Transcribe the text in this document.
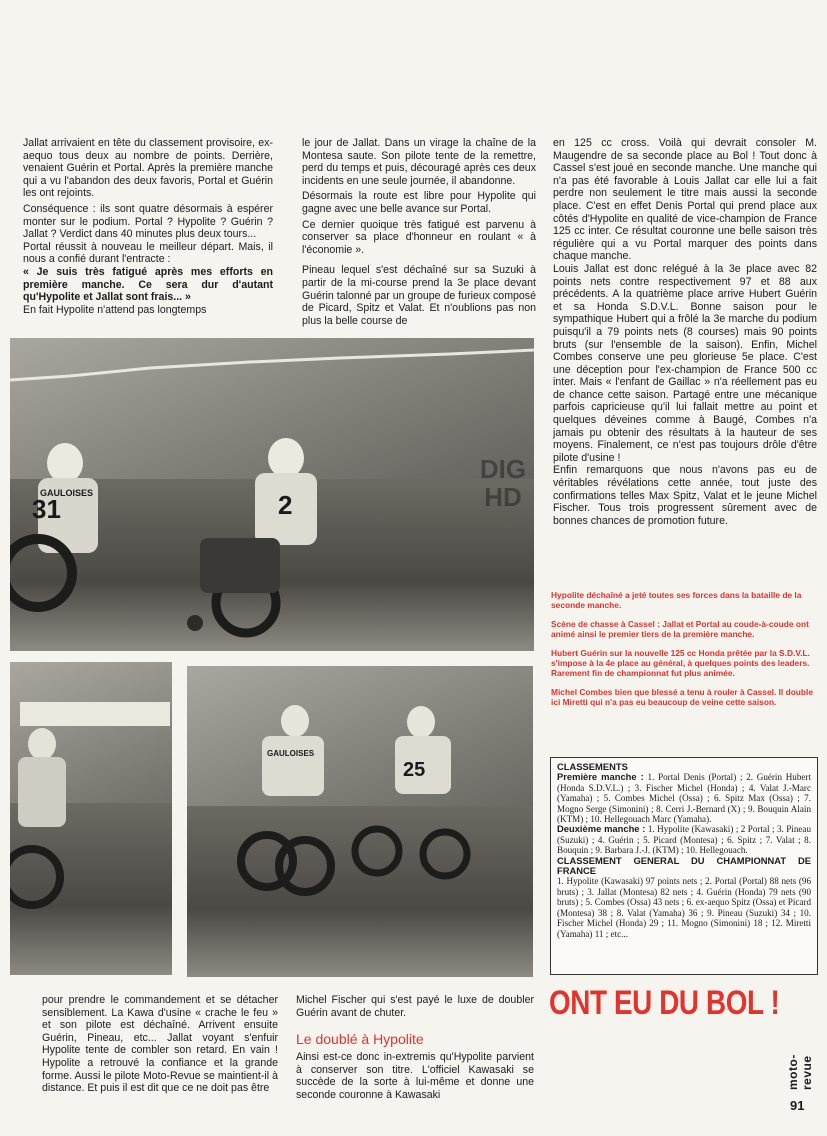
Jallat arrivaient en tête du classement provisoire, ex-aequo tous deux au nombre de points. Derrière, venaient Guérin et Portal. Après la première manche qui a vu l'abandon des deux favoris, Portal et Guérin les ont rejoints.

Conséquence : ils sont quatre désormais à espérer monter sur le podium. Portal ? Hypolite ? Guérin ? Jallat ? Verdict dans 40 minutes plus deux tours...

Portal réussit à nouveau le meilleur départ. Mais, il nous a confié durant l'entracte :

« Je suis très fatigué après mes efforts en première manche. Ce sera dur d'autant qu'Hypolite et Jallat sont frais... »

En fait Hypolite n'attend pas longtemps

le jour de Jallat. Dans un virage la chaîne de la Montesa saute. Son pilote tente de la remettre, perd du temps et puis, découragé après ces deux incidents en une seule journée, il abandonne.

Désormais la route est libre pour Hypolite qui gagne avec une belle avance sur Portal.

Ce dernier quoique très fatigué est parvenu à conserver sa place d'honneur en roulant « à l'économie ».

Pineau lequel s'est déchaîné sur sa Suzuki à partir de la mi-course prend la 3e place devant Guérin talonné par un groupe de furieux composé de Picard, Spitz et Valat. Et n'oublions pas non plus la belle course de

en 125 cc cross. Voilà qui devrait consoler M. Maugendre de sa seconde place au Bol ! Tout donc à Cassel s'est joué en seconde manche. Une manche qui n'a pas été favorable à Louis Jallat car elle lui a fait perdre non seulement le titre mais aussi la seconde place. C'est en effet Denis Portal qui prend place aux côtés d'Hypolite en qualité de vice-champion de France 125 cc inter. Ce résultat couronne une belle saison très régulière qui a vu Portal marquer des points dans chaque manche.

Louis Jallat est donc relégué à la 3e place avec 82 points nets contre respectivement 97 et 88 aux précédents. A la quatrième place arrive Hubert Guérin et sa Honda S.D.V.L. Bonne saison pour le sympathique Hubert qui a frôlé la 3e marche du podium puisqu'il a 79 points nets (8 courses) mais 90 points bruts (sur l'ensemble de la saison). Enfin, Michel Combes conserve une peu glorieuse 5e place. C'est une déception pour l'ex-champion de France 500 cc inter. Mais « l'enfant de Gaillac » n'a réellement pas eu de chance cette saison. Partagé entre une mécanique parfois capricieuse qu'il lui fallait mettre au point et quelques déveines comme à Baugé, Combes n'a jamais pu obtenir des résultats à la hauteur de ses moyens. Finalement, ce n'est pas toujours drôle d'être pilote d'usine !

Enfin remarquons que nous n'avons pas eu de véritables révélations cette année, tout juste des confirmations telles Max Spitz, Valat et le jeune Michel Fischer. Tous trois progressent sûrement avec de bonnes chances de promotion future.

31	2
GAULOISES
DIG HD
25
GAULOISES

Hypolite déchaîné a jeté toutes ses forces dans la bataille de la seconde manche.

Scène de chasse à Cassel : Jallat et Portal au coude-à-coude ont animé ainsi le premier tiers de la première manche.

Hubert Guérin sur la nouvelle 125 cc Honda prêtée par la S.D.V.L. s'impose à la 4e place au général, à quelques points des leaders. Rarement fin de championnat fut plus animée.

Michel Combes bien que blessé a tenu à rouler à Cassel. Il double ici Miretti qui n'a pas eu beaucoup de veine cette saison.

CLASSEMENTS
Première manche : 1. Portal Denis (Portal) ; 2. Guérin Hubert (Honda S.D.V.L.) ; 3. Fischer Michel (Honda) ; 4. Valat J.-Marc (Yamaha) ; 5. Combes Michel (Ossa) ; 6. Spitz Max (Ossa) ; 7. Mogno Serge (Simonini) ; 8. Cerri J.-Bernard (X) ; 9. Bouquin Alain (KTM) ; 10. Hellegouach Marc (Yamaha).
Deuxième manche : 1. Hypolite (Kawasaki) ; 2 Portal ; 3. Pineau (Suzuki) ; 4. Guérin ; 5. Picard (Montesa) ; 6. Spitz ; 7. Valat ; 8. Bouquin ; 9. Barbara J.-J. (KTM) ; 10. Hellegouach.
CLASSEMENT GENERAL DU CHAMPIONNAT DE FRANCE
1. Hypolite (Kawasaki) 97 points nets ; 2. Portal (Portal) 88 nets (96 bruts) ; 3. Jallat (Montesa) 82 nets ; 4. Guérin (Honda) 79 nets (90 bruts) ; 5. Combes (Ossa) 43 nets ; 6. ex-aequo Spitz (Ossa) et Picard (Montesa) 38 ; 8. Valat (Yamaha) 36 ; 9. Pineau (Suzuki) 34 ; 10. Fischer Michel (Honda) 29 ; 11. Mogno (Simonini) 18 ; 12. Miretti (Yamaha) 11 ; etc...

pour prendre le commandement et se détacher sensiblement. La Kawa d'usine « crache le feu » et son pilote est déchaîné. Arrivent ensuite Guérin, Pineau, etc... Jallat voyant s'enfuir Hypolite tente de combler son retard. En vain ! Hypolite a retrouvé la confiance et la grande forme. Aussi le pilote Moto-Revue se maintient-il à distance. Et puis il est dit que ce ne doit pas être

Michel Fischer qui s'est payé le luxe de doubler Guérin avant de chuter.

Le doublé à Hypolite

Ainsi est-ce donc in-extremis qu'Hypolite parvient à conserver son titre. L'officiel Kawasaki se succède de la sorte à lui-même et donne une seconde couronne à Kawasaki

ONT EU DU BOL !
moto-revue
91
